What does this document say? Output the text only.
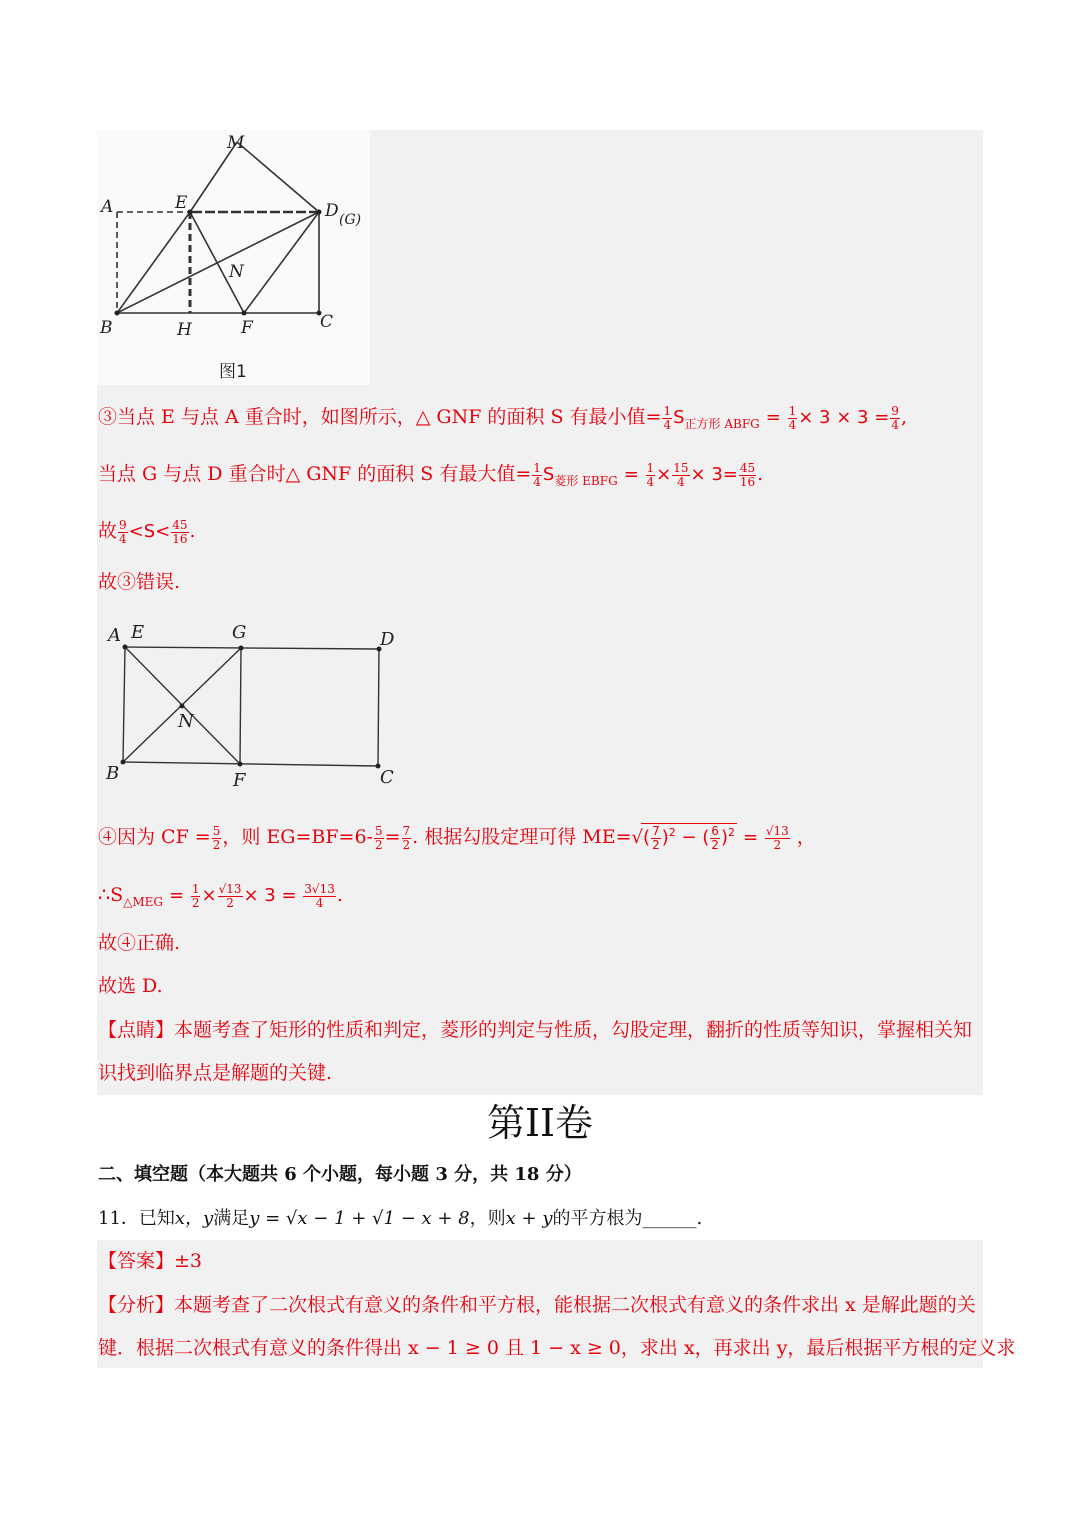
M
A	E	D (G)
N
B	H	F	C
图1
③当点 E 与点 A 重合时，如图所示，△ GNF 的面积 S 有最小值= $\frac{1}{4} S_{正方形 ABFG} = \frac{1}{4} \times 3 \times 3 = \frac{9}{4}$ ,
当点 G 与点 D 重合时△ GNF 的面积 S 有最大值= $\frac{1}{4} S_{菱形 EBFG} = \frac{1}{4} \times \frac{15}{4} \times 3= \frac{45}{16}$ .
故 $\frac{9}{4} <S< \frac{45}{16}$ .
故③错误.
A E	G	D
N
B	F	C
④因为 CF = $\frac{5}{2}$ ，则 $EG=BF=6- \frac{5}{2} = \frac{7}{2}$ . 根据勾股定理可得 $ME=√( \frac{7}{2} )^2$ − ( $\frac{6}{2} )^2 = \frac{√13}{2}$ ，
$\therefore S_{\triangle MEG} = \frac{1}{2} \times \frac{√13}{2} \times 3 = \frac{3√13}{4}$ .
故④正确.
故选 D.
【点睛】本题考查了矩形的性质和判定，菱形的判定与性质，勾股定理，翻折的性质等知识，掌握相关知
识找到临界点是解题的关键.
第II卷
二、填空题（本大题共 6 个小题，每小题 3 分，共 18 分）
11．已知x，y满足y = √x − 1 + √1 − x + 8，则x + y的平方根为______.
【答案】±3
【分析】本题考查了二次根式有意义的条件和平方根，能根据二次根式有意义的条件求出 x 是解此题的关
键．根据二次根式有意义的条件得出 x − 1 ≥ 0 且 1 − x ≥ 0，求出 x，再求出 y，最后根据平方根的定义求
